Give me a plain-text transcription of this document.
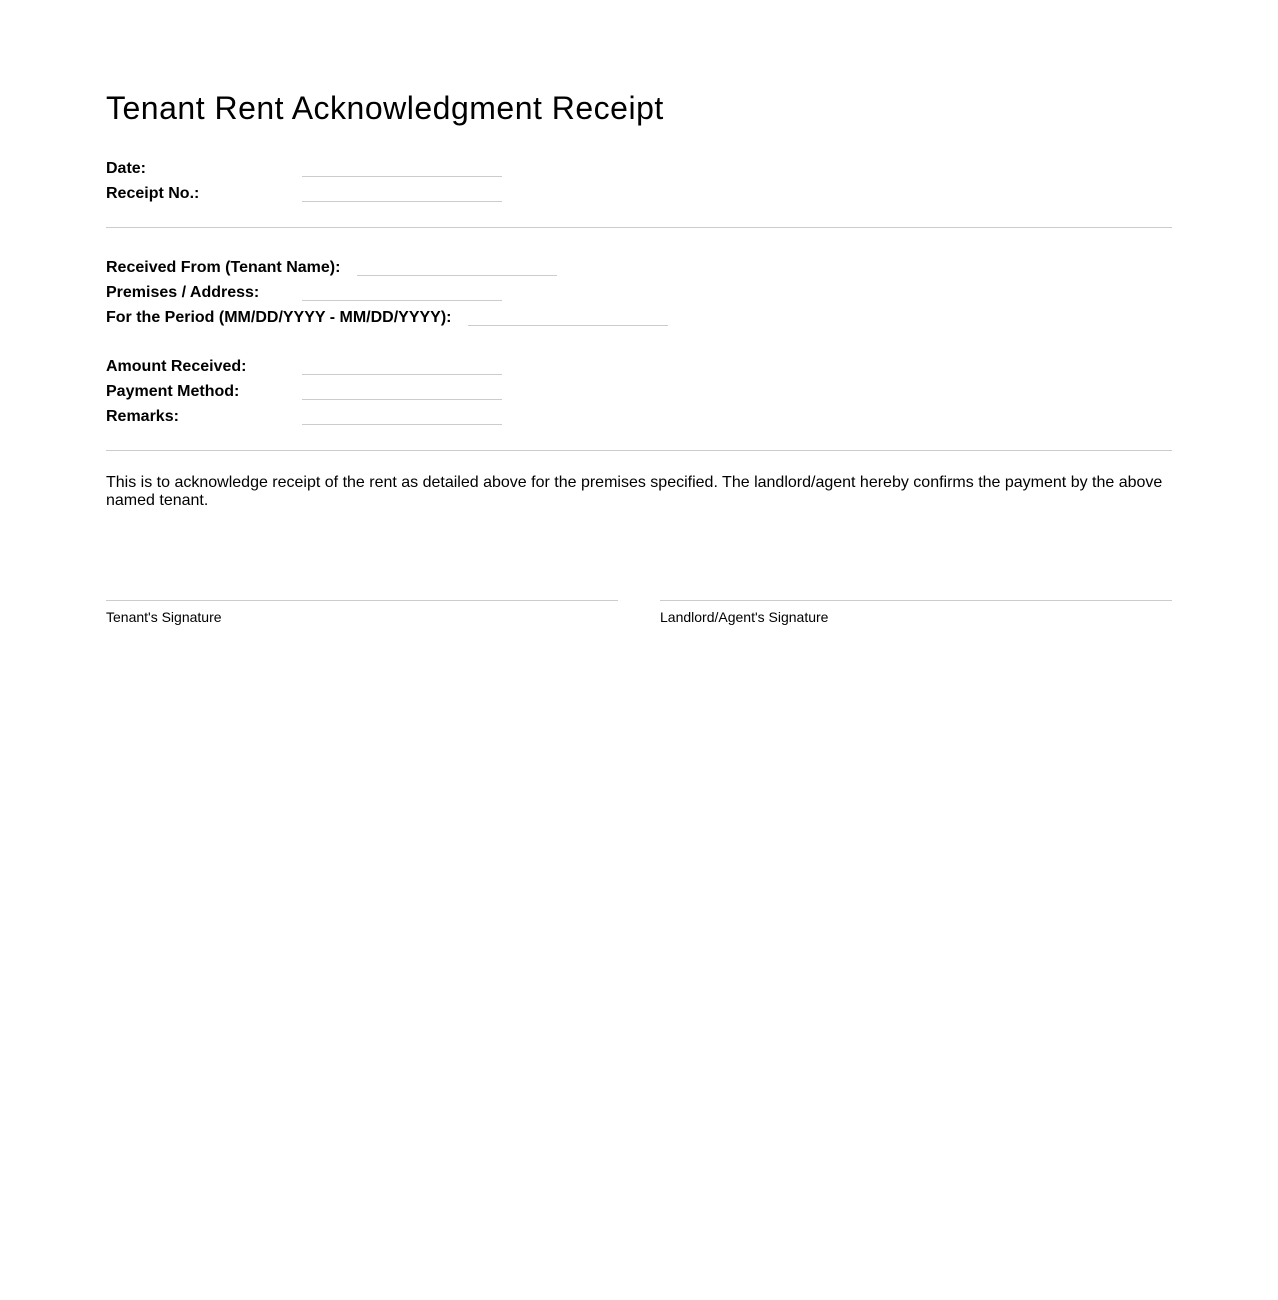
Tenant Rent Acknowledgment Receipt
Date:
Receipt No.:
Received From (Tenant Name):
Premises / Address:
For the Period (MM/DD/YYYY - MM/DD/YYYY):
Amount Received:
Payment Method:
Remarks:

This is to acknowledge receipt of the rent as detailed above for the premises specified. The landlord/agent hereby confirms the payment by the above named tenant.

Tenant's Signature	Landlord/Agent's Signature
